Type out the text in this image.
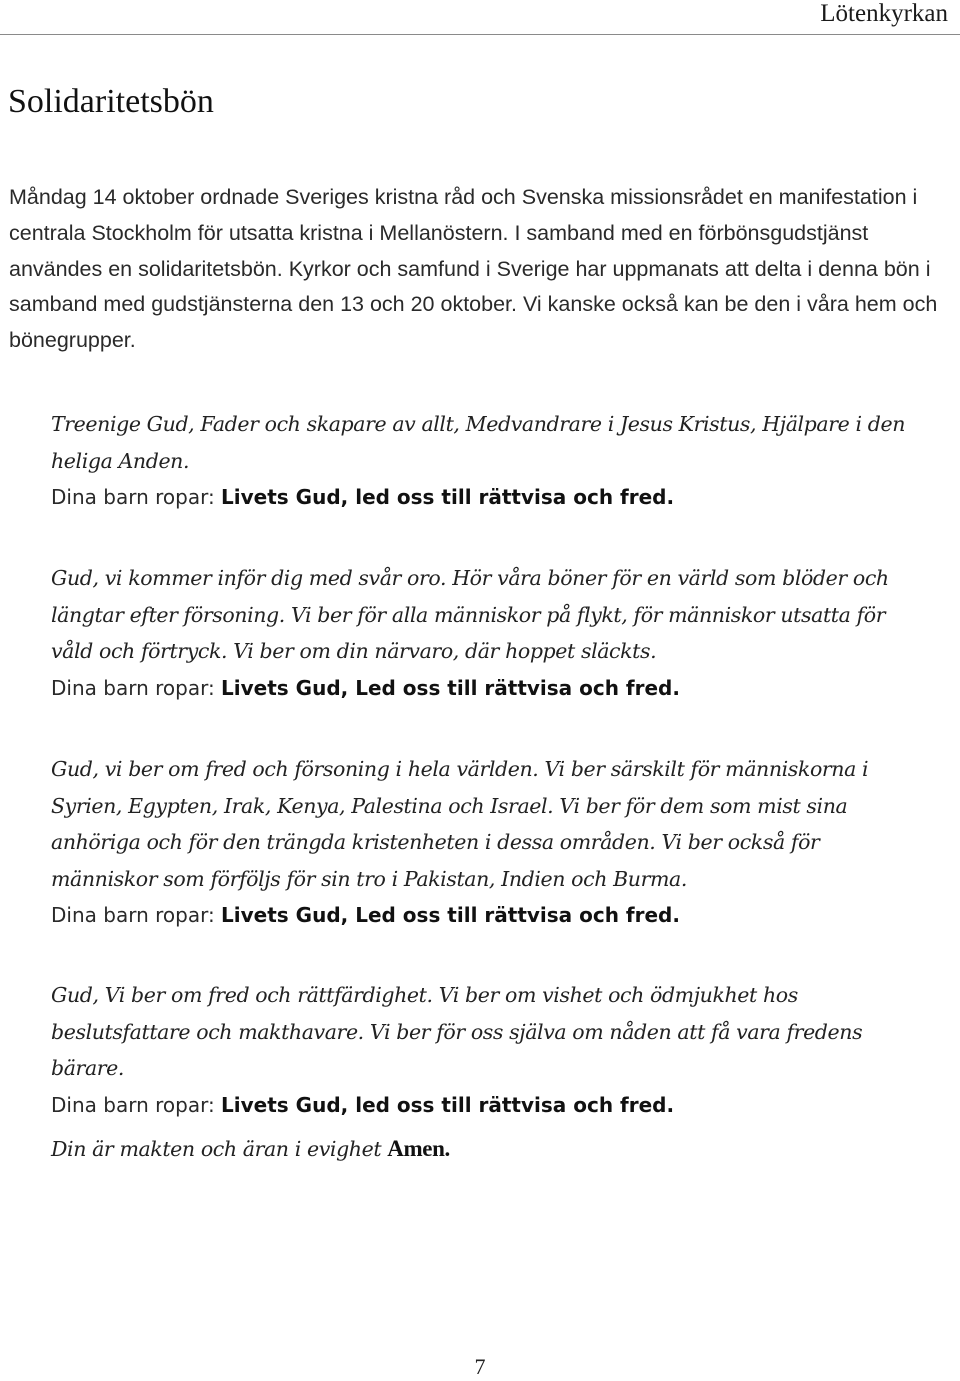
Lötenkyrkan
Solidaritetsbön

Måndag 14 oktober ordnade Sveriges kristna råd och Svenska missionsrådet en manifestation i centrala Stockholm för utsatta kristna i Mellanöstern. I samband med en förbönsgudstjänst användes en solidaritetsbön. Kyrkor och samfund i Sverige har uppmanats att delta i denna bön i samband med gudstjänsterna den 13 och 20 oktober. Vi kanske också kan be den i våra hem och bönegrupper.

Treenige Gud, Fader och skapare av allt, Medvandrare i Jesus Kristus, Hjälpare i den heliga Anden.
Dina barn ropar: Livets Gud, led oss till rättvisa och fred.
Gud, vi kommer inför dig med svår oro. Hör våra böner för en värld som blöder och längtar efter försoning. Vi ber för alla människor på flykt, för människor utsatta för våld och förtryck. Vi ber om din närvaro, där hoppet släckts.
Dina barn ropar: Livets Gud, Led oss till rättvisa och fred.
Gud, vi ber om fred och försoning i hela världen. Vi ber särskilt för människorna i Syrien, Egypten, Irak, Kenya, Palestina och Israel. Vi ber för dem som mist sina anhöriga och för den trängda kristenheten i dessa områden. Vi ber också för människor som förföljs för sin tro i Pakistan, Indien och Burma.
Dina barn ropar: Livets Gud, Led oss till rättvisa och fred.
Gud, Vi ber om fred och rättfärdighet. Vi ber om vishet och ödmjukhet hos beslutsfattare och makthavare. Vi ber för oss själva om nåden att få vara fredens bärare.
Dina barn ropar: Livets Gud, led oss till rättvisa och fred.
Din är makten och äran i evighet Amen.
7
